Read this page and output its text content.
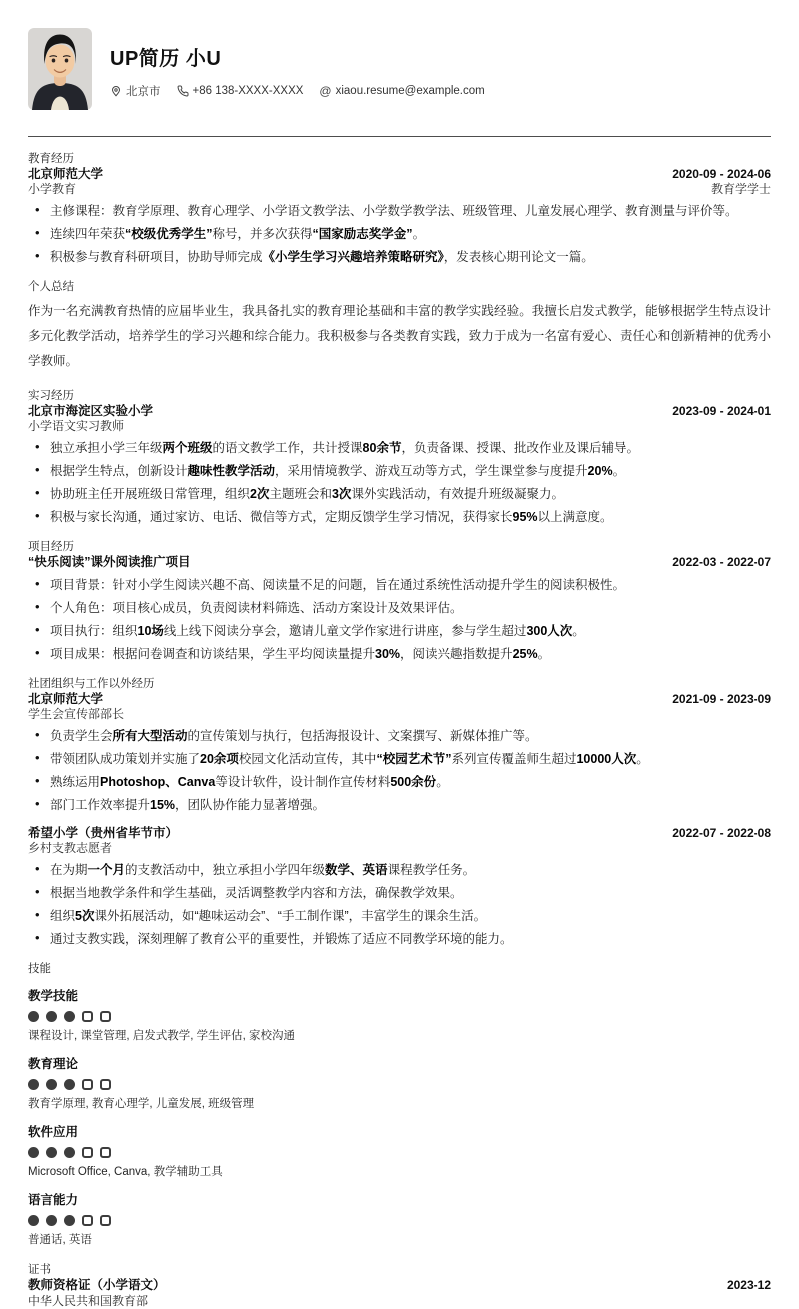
UP简历 小U
北京市	+86 138-XXXX-XXXX @ xiaou.resume@example.com
教育经历
北京师范大学	2020-09 - 2024-06
小学教育	教育学学士
• 主修课程：教育学原理、教育心理学、小学语文教学法、小学数学教学法、班级管理、儿童发展心理学、教育测量与评价等。
• 连续四年荣获“校级优秀学生”称号，并多次获得“国家励志奖学金”。
• 积极参与教育科研项目，协助导师完成《小学生学习兴趣培养策略研究》，发表核心期刊论文一篇。
个人总结
作为一名充满教育热情的应届毕业生，我具备扎实的教育理论基础和丰富的教学实践经验。我擅长启发式教学，能够根据学生特点设计多元化教学活动，培养学生的学习兴趣和综合能力。我积极参与各类教育实践，致力于成为一名富有爱心、责任心和创新精神的优秀小学教师。
实习经历
北京市海淀区实验小学	2023-09 - 2024-01
小学语文实习教师
• 独立承担小学三年级两个班级的语文教学工作，共计授课80余节，负责备课、授课、批改作业及课后辅导。
• 根据学生特点，创新设计趣味性教学活动，采用情境教学、游戏互动等方式，学生课堂参与度提升20%。
• 协助班主任开展班级日常管理，组织2次主题班会和3次课外实践活动，有效提升班级凝聚力。
• 积极与家长沟通，通过家访、电话、微信等方式，定期反馈学生学习情况，获得家长95%以上满意度。
项目经历
“快乐阅读”课外阅读推广项目	2022-03 - 2022-07
• 项目背景：针对小学生阅读兴趣不高、阅读量不足的问题，旨在通过系统性活动提升学生的阅读积极性。
• 个人角色：项目核心成员，负责阅读材料筛选、活动方案设计及效果评估。
• 项目执行：组织10场线上线下阅读分享会，邀请儿童文学作家进行讲座，参与学生超过300人次。
• 项目成果：根据问卷调查和访谈结果，学生平均阅读量提升30%，阅读兴趣指数提升25%。
社团组织与工作以外经历
北京师范大学	2021-09 - 2023-09
学生会宣传部部长
• 负责学生会所有大型活动的宣传策划与执行，包括海报设计、文案撰写、新媒体推广等。
• 带领团队成功策划并实施了20余项校园文化活动宣传，其中“校园艺术节”系列宣传覆盖师生超过10000人次。
• 熟练运用Photoshop、Canva等设计软件，设计制作宣传材料500余份。
• 部门工作效率提升15%，团队协作能力显著增强。
希望小学（贵州省毕节市）	2022-07 - 2022-08
乡村支教志愿者
• 在为期一个月的支教活动中，独立承担小学四年级数学、英语课程教学任务。
• 根据当地教学条件和学生基础，灵活调整教学内容和方法，确保教学效果。
• 组织5次课外拓展活动，如“趣味运动会”、“手工制作课”，丰富学生的课余生活。
• 通过支教实践，深刻理解了教育公平的重要性，并锻炼了适应不同教学环境的能力。
技能
教学技能
课程设计, 课堂管理, 启发式教学, 学生评估, 家校沟通
教育理论
教育学原理, 教育心理学, 儿童发展, 班级管理
软件应用
Microsoft Office, Canva, 教学辅助工具
语言能力
普通话, 英语
证书
教师资格证（小学语文）	2023-12
中华人民共和国教育部
